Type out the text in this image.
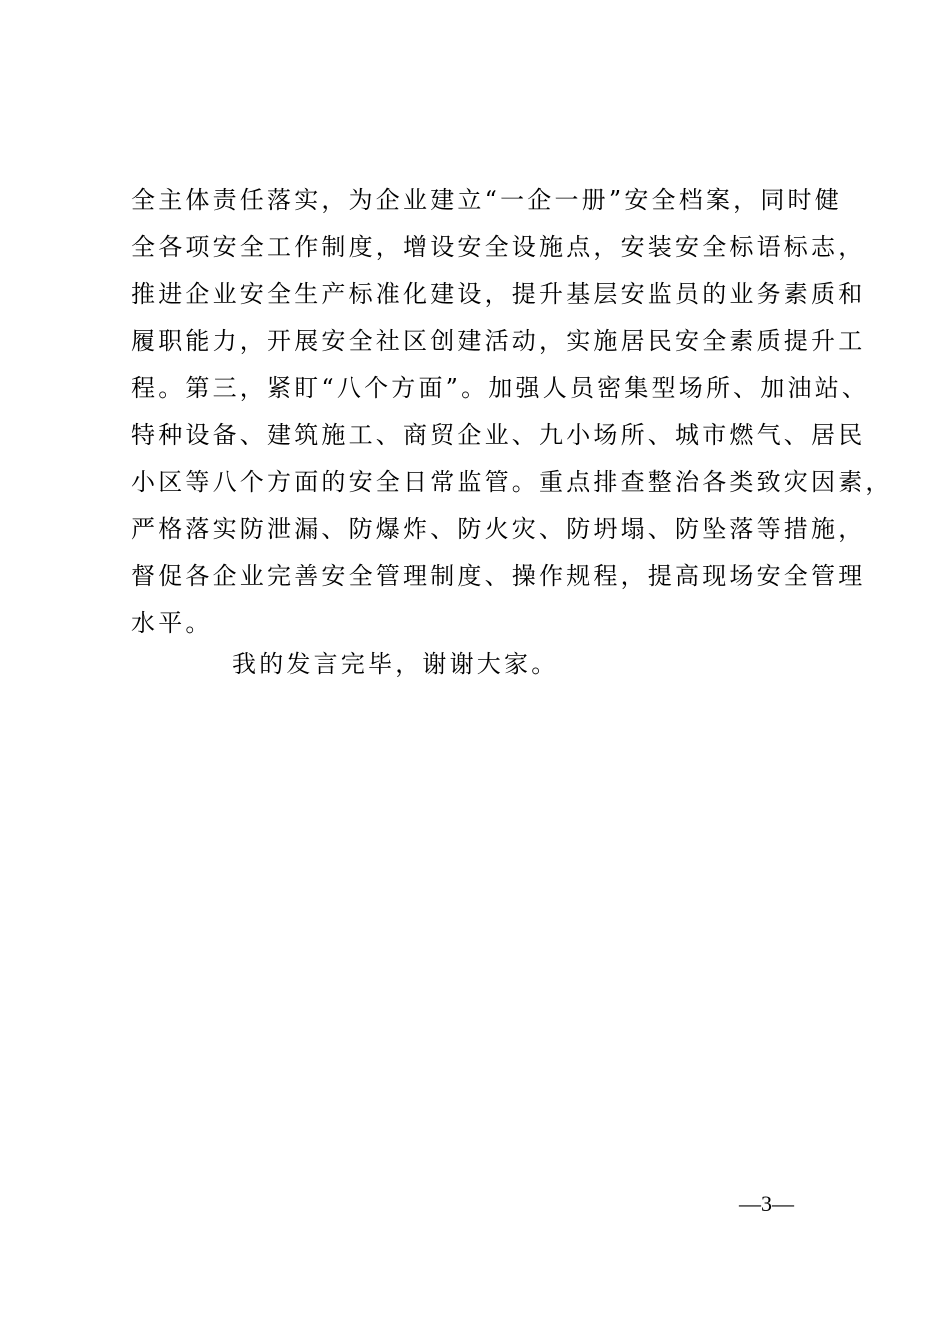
全主体责任落实，为企业建立“一企一册”安全档案，同时健
全各项安全工作制度，增设安全设施点，安装安全标语标志，
推进企业安全生产标准化建设，提升基层安监员的业务素质和
履职能力，开展安全社区创建活动，实施居民安全素质提升工
程。第三，紧盯“八个方面”。加强人员密集型场所、加油站、
特种设备、建筑施工、商贸企业、九小场所、城市燃气、居民
小区等八个方面的安全日常监管。重点排查整治各类致灾因素，
严格落实防泄漏、防爆炸、防火灾、防坍塌、防坠落等措施，
督促各企业完善安全管理制度、操作规程，提高现场安全管理
水平。
我的发言完毕，谢谢大家。
—3—
